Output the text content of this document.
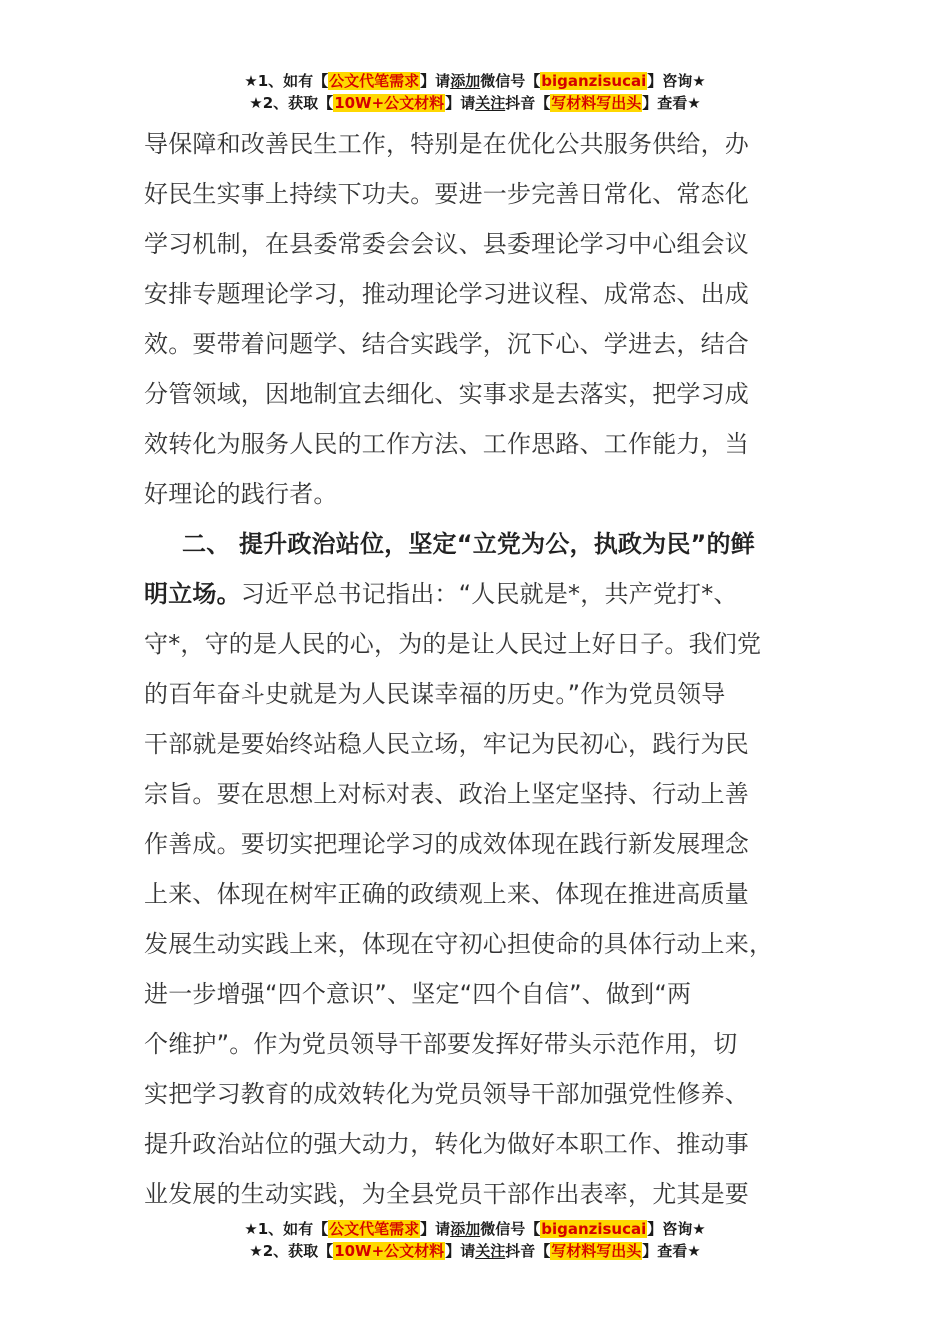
★1、如有【公文代笔需求】请添加微信号【biganzisucai】咨询★
★2、获取【10W+公文材料】请关注抖音【写材料写出头】查看★
导保障和改善民生工作，特别是在优化公共服务供给，办
好民生实事上持续下功夫。要进一步完善日常化、常态化
学习机制，在县委常委会会议、县委理论学习中心组会议
安排专题理论学习，推动理论学习进议程、成常态、出成
效。要带着问题学、结合实践学，沉下心、学进去，结合
分管领域，因地制宜去细化、实事求是去落实，把学习成
效转化为服务人民的工作方法、工作思路、工作能力，当
好理论的践行者。
二、 提升政治站位，坚定“立党为公，执政为民”的鲜
明立场。习近平总书记指出：“人民就是*，共产党打*、
守*，守的是人民的心，为的是让人民过上好日子。我们党
的百年奋斗史就是为人民谋幸福的历史。”作为党员领导
干部就是要始终站稳人民立场，牢记为民初心，践行为民
宗旨。要在思想上对标对表、政治上坚定坚持、行动上善
作善成。要切实把理论学习的成效体现在践行新发展理念
上来、体现在树牢正确的政绩观上来、体现在推进高质量
发展生动实践上来，体现在守初心担使命的具体行动上来，
进一步增强“四个意识”、坚定“四个自信”、做到“两
个维护”。作为党员领导干部要发挥好带头示范作用，切
实把学习教育的成效转化为党员领导干部加强党性修养、
提升政治站位的强大动力，转化为做好本职工作、推动事
业发展的生动实践，为全县党员干部作出表率，尤其是要
★1、如有【公文代笔需求】请添加微信号【biganzisucai】咨询★
★2、获取【10W+公文材料】请关注抖音【写材料写出头】查看★
